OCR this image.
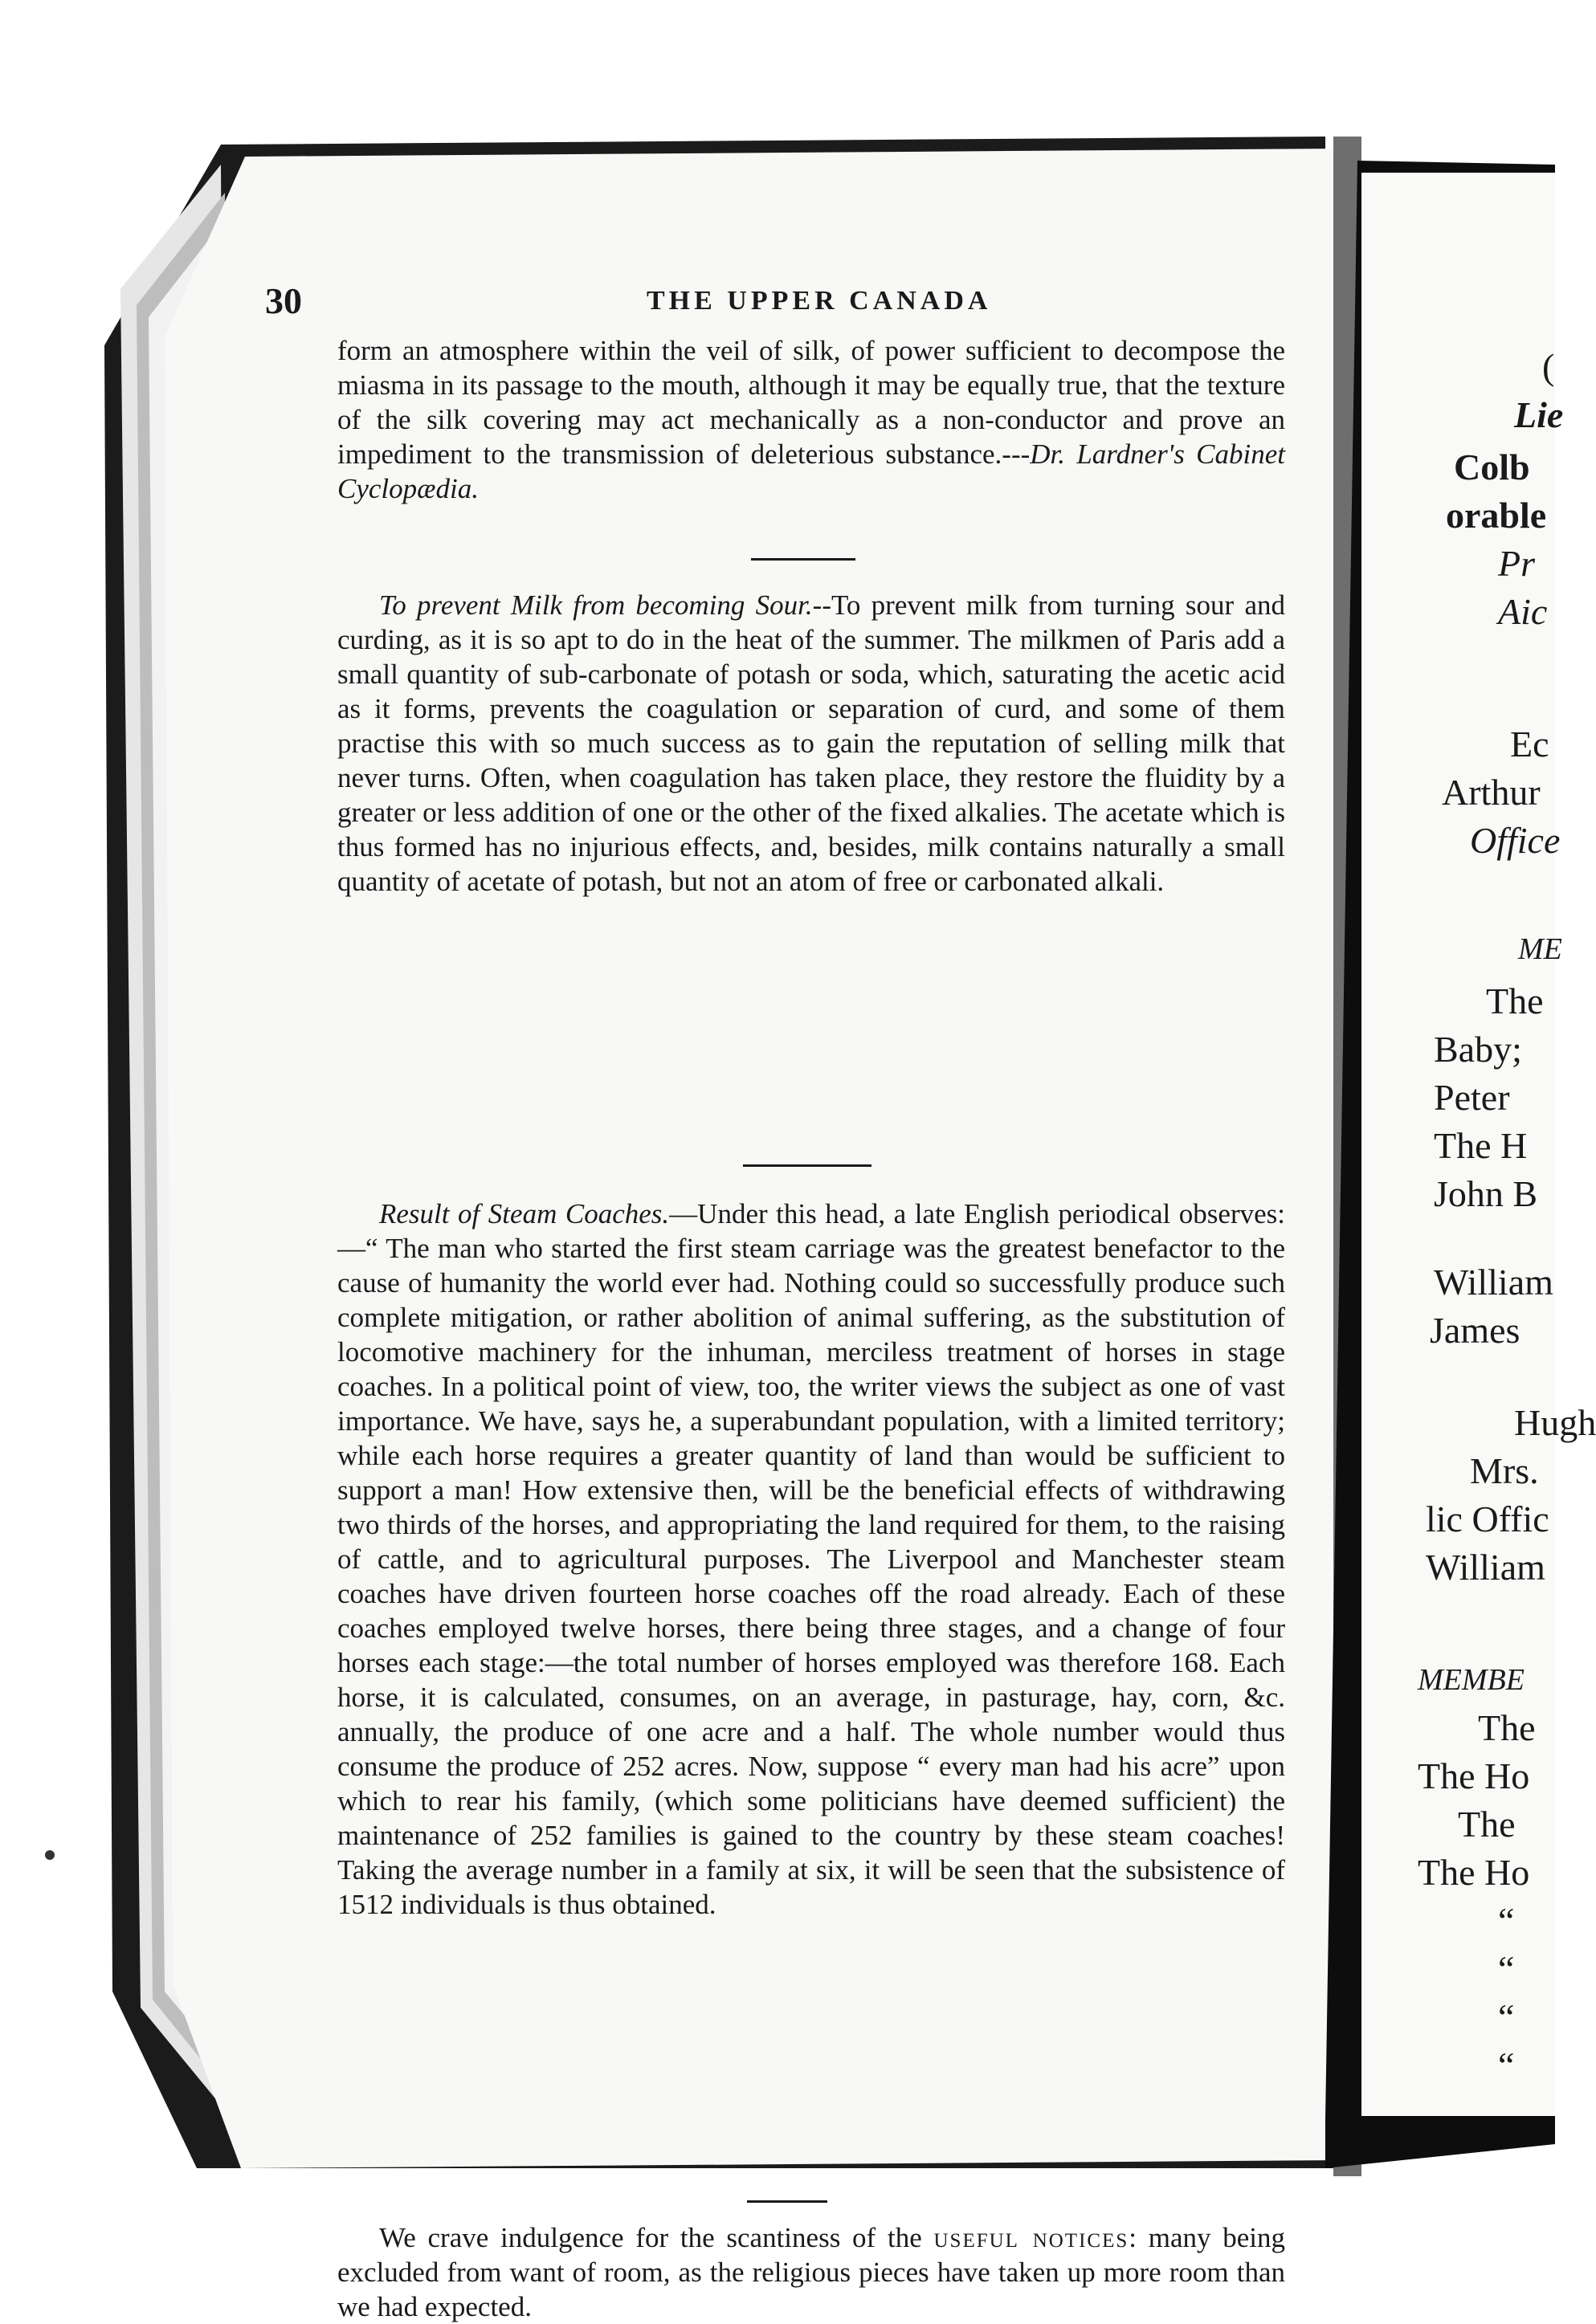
30	THE UPPER CANADA

form an atmosphere within the veil of silk, of power sufficient to decompose the miasma in its passage to the mouth, although it may be equally true, that the texture of the silk covering may act mechanically as a non-conductor and prove an impediment to the transmission of deleterious substance.---Dr. Lardner's Cabinet Cyclopædia.

To prevent Milk from becoming Sour.--To prevent milk from turning sour and curding, as it is so apt to do in the heat of the summer. The milkmen of Paris add a small quantity of sub-carbonate of potash or soda, which, saturating the acetic acid as it forms, prevents the coagulation or separation of curd, and some of them practise this with so much success as to gain the reputation of selling milk that never turns. Often, when coagulation has taken place, they restore the fluidity by a greater or less addition of one or the other of the fixed alkalies. The acetate which is thus formed has no injurious effects, and, besides, milk contains naturally a small quantity of acetate of potash, but not an atom of free or carbonated alkali.

Result of Steam Coaches.—Under this head, a late English periodical observes:—“ The man who started the first steam carriage was the greatest benefactor to the cause of humanity the world ever had. Nothing could so successfully produce such complete mitigation, or rather abolition of animal suffering, as the substitution of locomotive machinery for the inhuman, merciless treatment of horses in stage coaches. In a political point of view, too, the writer views the subject as one of vast importance. We have, says he, a superabundant population, with a limited territory; while each horse requires a greater quantity of land than would be sufficient to support a man! How extensive then, will be the beneficial effects of withdrawing two thirds of the horses, and appropriating the land required for them, to the raising of cattle, and to agricultural purposes. The Liverpool and Manchester steam coaches have driven fourteen horse coaches off the road already. Each of these coaches employed twelve horses, there being three stages, and a change of four horses each stage:—the total number of horses employed was therefore 168. Each horse, it is calculated, consumes, on an average, in pasturage, hay, corn, &c. annually, the produce of one acre and a half. The whole number would thus consume the produce of 252 acres. Now, suppose “ every man had his acre” upon which to rear his family, (which some politicians have deemed sufficient) the maintenance of 252 families is gained to the country by these steam coaches! Taking the average number in a family at six, it will be seen that the subsistence of 1512 individuals is thus obtained.

We crave indulgence for the scantiness of the useful notices: many being excluded from want of room, as the religious pieces have taken up more room than we had expected.

(
Lie
Colb
orable
Pr
Aic
Ec
Arthur
Office
ME
The
Baby;
Peter
The H
John B
William
James
Hugh
Mrs.
lic Offic
William
MEMBE
The
The Ho
The
The Ho
“
“
“
“
